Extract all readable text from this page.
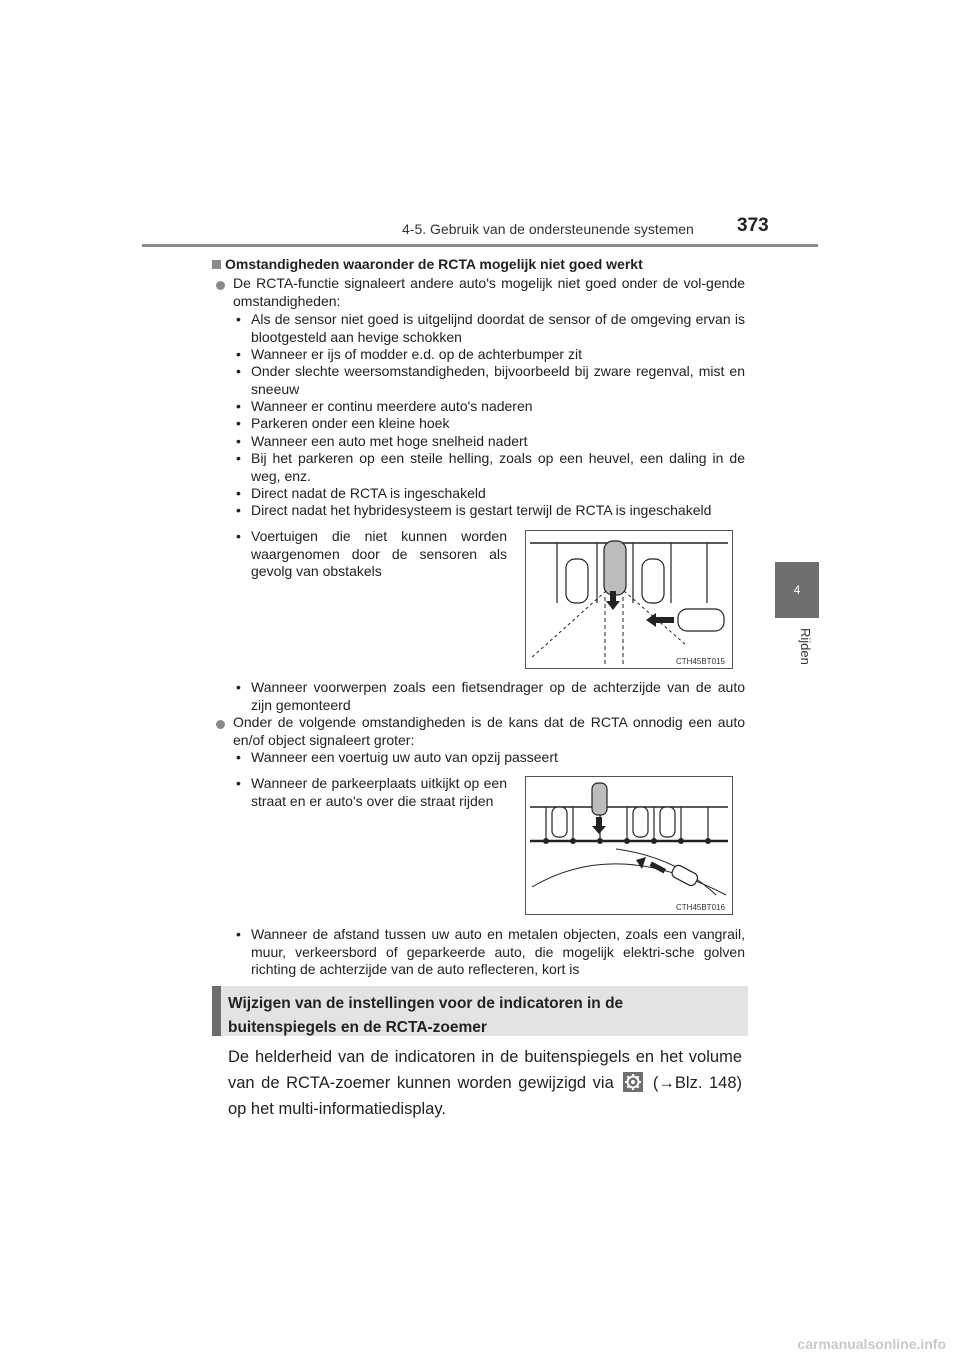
4-5. Gebruik van de ondersteunende systemen 373
4
Rijden
Omstandigheden waaronder de RCTA mogelijk niet goed werkt
De RCTA-functie signaleert andere auto's mogelijk niet goed onder de vol-gende omstandigheden:
• Als de sensor niet goed is uitgelijnd doordat de sensor of de omgeving ervan is blootgesteld aan hevige schokken
• Wanneer er ijs of modder e.d. op de achterbumper zit
• Onder slechte weersomstandigheden, bijvoorbeeld bij zware regenval, mist en sneeuw
• Wanneer er continu meerdere auto's naderen
• Parkeren onder een kleine hoek
• Wanneer een auto met hoge snelheid nadert
• Bij het parkeren op een steile helling, zoals op een heuvel, een daling in de weg, enz.
• Direct nadat de RCTA is ingeschakeld
• Direct nadat het hybridesysteem is gestart terwijl de RCTA is ingeschakeld
• Voertuigen die niet kunnen worden waargenomen door de sensoren als gevolg van obstakels
CTH45BT015
• Wanneer voorwerpen zoals een fietsendrager op de achterzijde van de auto zijn gemonteerd
Onder de volgende omstandigheden is de kans dat de RCTA onnodig een auto en/of object signaleert groter:
• Wanneer een voertuig uw auto van opzij passeert
• Wanneer de parkeerplaats uitkijkt op een straat en er auto's over die straat rijden
CTH45BT016
• Wanneer de afstand tussen uw auto en metalen objecten, zoals een vangrail, muur, verkeersbord of geparkeerde auto, die mogelijk elektri-sche golven richting de achterzijde van de auto reflecteren, kort is
Wijzigen van de instellingen voor de indicatoren in de buitenspiegels en de RCTA-zoemer
De helderheid van de indicatoren in de buitenspiegels en het volume van de RCTA-zoemer kunnen worden gewijzigd via (→Blz. 148) op het multi-informatiedisplay.
carmanualsonline.info
